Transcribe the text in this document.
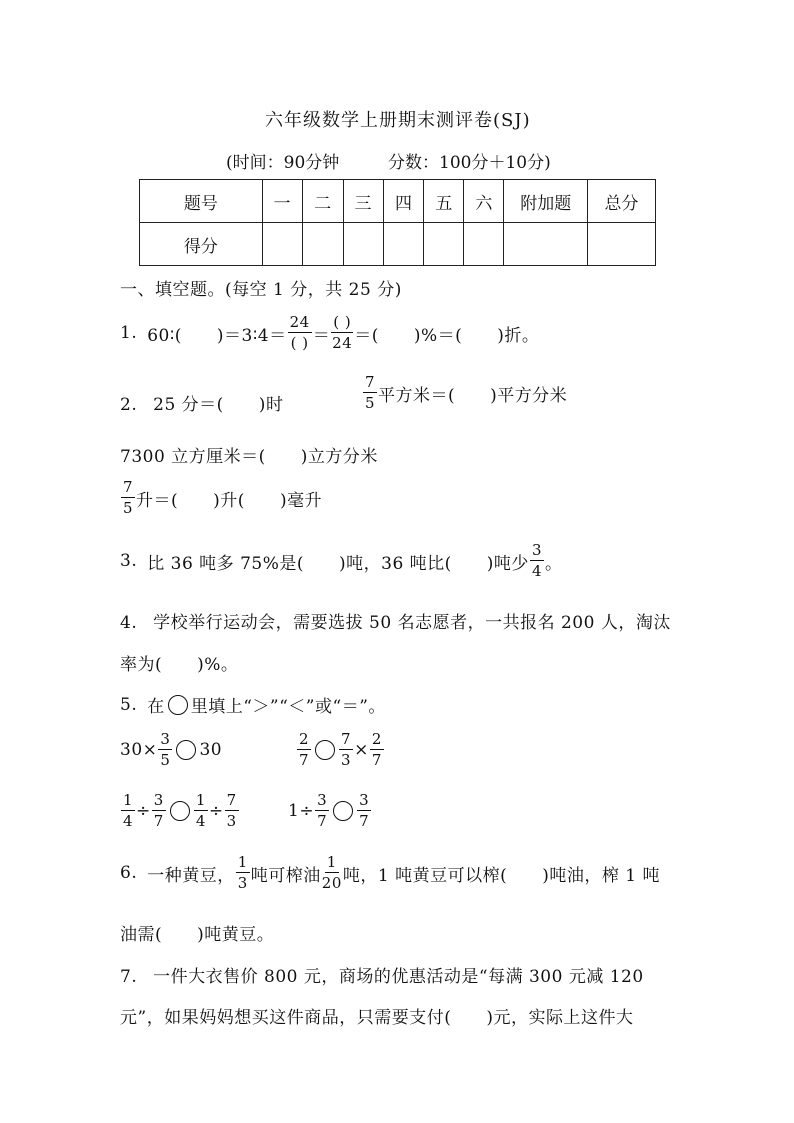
六年级数学上册期末测评卷(SJ)
(时间：90分钟	分数：100分＋10分)
题号	一	二	三	四	五	六	附加题	总分
得分								
一、填空题。(每空 1 分，共 25 分)
1. 60∶(　　)＝3∶4＝ $\frac{24}{( )} = \frac{( )}{24}$ ＝(　　)%＝(　　)折。
2. 25 分＝(　　)时	$\frac{7}{5}$ 平方米＝(　　)平方分米
7300 立方厘米＝(　　)立方分米
$\frac{7}{5}$ 升＝(　　)升(　　)毫升
3. 比 36 吨多 75%是(　　)吨，36 吨比(　　)吨少 $\frac{3}{4}$ 。
4. 学校举行运动会，需要选拔 50 名志愿者，一共报名 200 人，淘汰
率为(　　)%。
5. 在 里填上“＞”“＜”或“＝”。
$30\times \frac{3}{5} 30$	$\frac{2}{7} \frac{7}{3} \times \frac{2}{7}$
$\frac{1}{4} \div \frac{3}{7} \frac{1}{4} \div \frac{7}{3}$	$1\div \frac{3}{7} \frac{3}{7}$
6. 一种黄豆， $\frac{1}{3}$ 吨可榨油 $\frac{1}{20}$ 吨，1 吨黄豆可以榨(　　)吨油，榨 1 吨
油需(　　)吨黄豆。
7. 一件大衣售价 800 元，商场的优惠活动是“每满 300 元减 120
元”，如果妈妈想买这件商品，只需要支付(　　)元，实际上这件大
